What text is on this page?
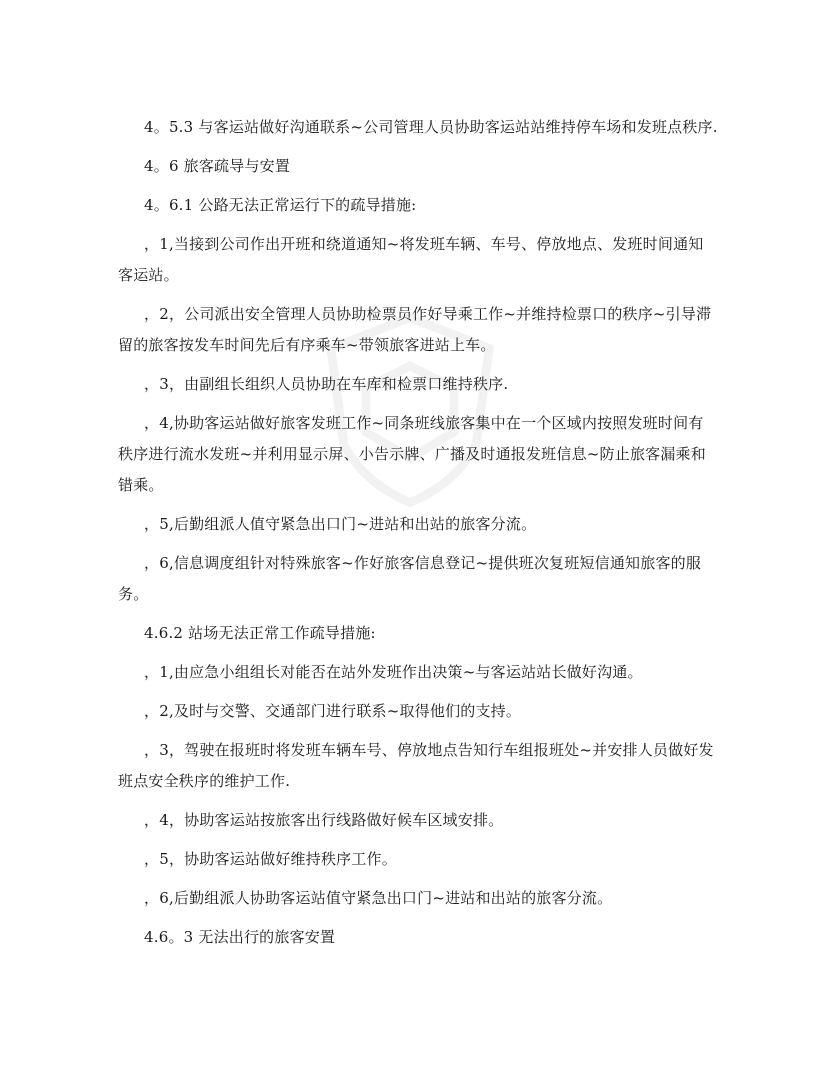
4。5.3 与客运站做好沟通联系~公司管理人员协助客运站站维持停车场和发班点秩序.

4。6 旅客疏导与安置

4。6.1 公路无法正常运行下的疏导措施:

，1,当接到公司作出开班和绕道通知~将发班车辆、车号、停放地点、发班时间通知客运站。

，2，公司派出安全管理人员协助检票员作好导乘工作~并维持检票口的秩序~引导滞留的旅客按发车时间先后有序乘车~带领旅客进站上车。

，3，由副组长组织人员协助在车库和检票口维持秩序.

，4,协助客运站做好旅客发班工作~同条班线旅客集中在一个区域内按照发班时间有秩序进行流水发班~并利用显示屏、小告示牌、广播及时通报发班信息~防止旅客漏乘和错乘。

，5,后勤组派人值守紧急出口门~进站和出站的旅客分流。

，6,信息调度组针对特殊旅客~作好旅客信息登记~提供班次复班短信通知旅客的服务。

4.6.2 站场无法正常工作疏导措施:

，1,由应急小组组长对能否在站外发班作出决策~与客运站站长做好沟通。

，2,及时与交警、交通部门进行联系~取得他们的支持。

，3，驾驶在报班时将发班车辆车号、停放地点告知行车组报班处~并安排人员做好发班点安全秩序的维护工作.

，4，协助客运站按旅客出行线路做好候车区域安排。

，5，协助客运站做好维持秩序工作。

，6,后勤组派人协助客运站值守紧急出口门~进站和出站的旅客分流。

4.6。3 无法出行的旅客安置
